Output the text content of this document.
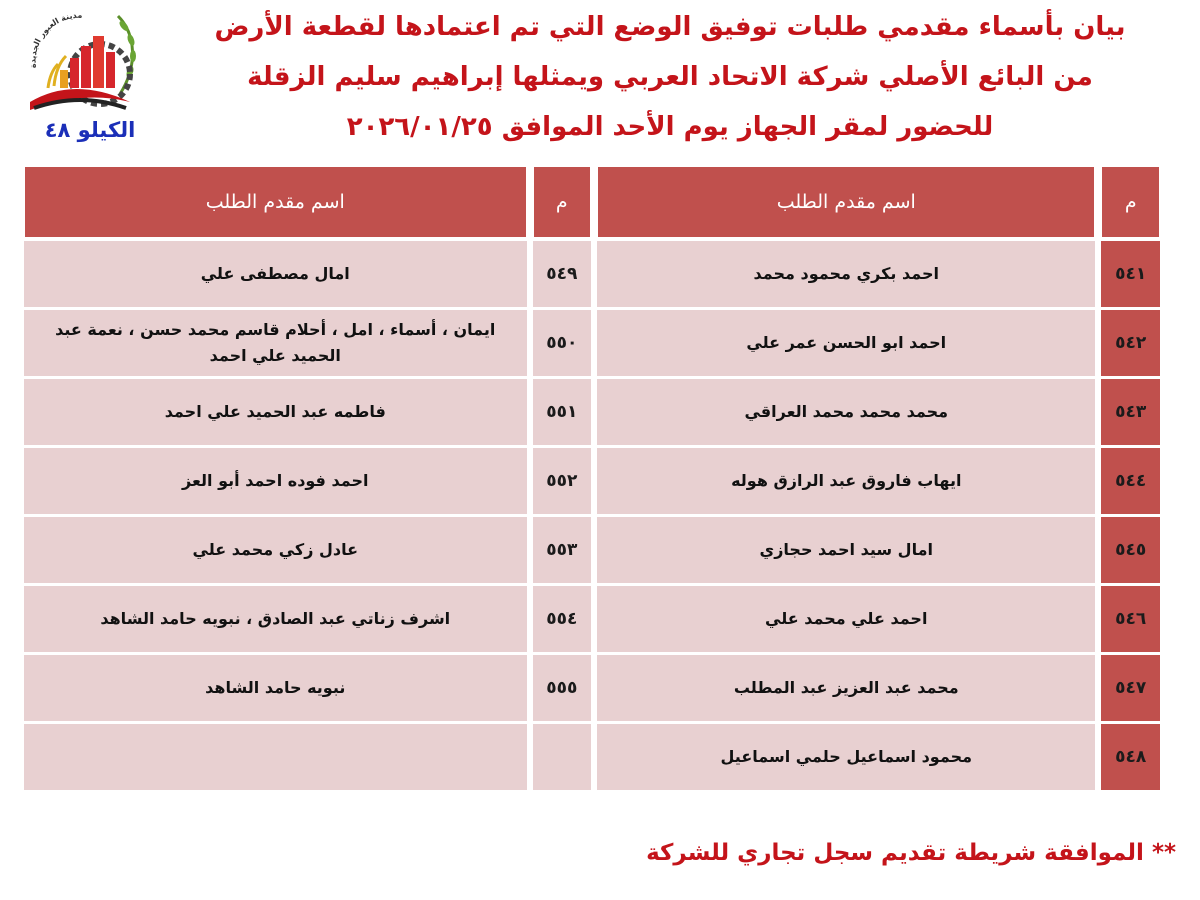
مدينة العبور الجديدة
الكيلو ٤٨
بيان بأسماء مقدمي طلبات توفيق الوضع التي تم اعتمادها لقطعة الأرض
من البائع الأصلي شركة الاتحاد العربي ويمثلها إبراهيم سليم الزقلة
للحضور لمقر الجهاز يوم الأحد الموافق ٢٠٢٦/٠١/٢٥
م	اسم مقدم الطلب	م	اسم مقدم الطلب
٥٤١	احمد بكري محمود محمد	٥٤٩	امال مصطفى علي
٥٤٢	احمد ابو الحسن عمر علي	٥٥٠	ايمان ، أسماء ، امل ، أحلام قاسم محمد حسن ، نعمة عبد الحميد علي احمد
٥٤٣	محمد محمد محمد العراقي	٥٥١	فاطمه عبد الحميد علي احمد
٥٤٤	ايهاب فاروق عبد الرازق هوله	٥٥٢	احمد فوده احمد أبو العز
٥٤٥	امال سيد احمد حجازي	٥٥٣	عادل زكي محمد علي
٥٤٦	احمد علي محمد علي	٥٥٤	اشرف زناتي عبد الصادق ، نبويه حامد الشاهد
٥٤٧	محمد عبد العزيز عبد المطلب	٥٥٥	نبويه حامد الشاهد
٥٤٨	محمود اسماعيل حلمي اسماعيل		
** الموافقة شريطة تقديم سجل تجاري للشركة
